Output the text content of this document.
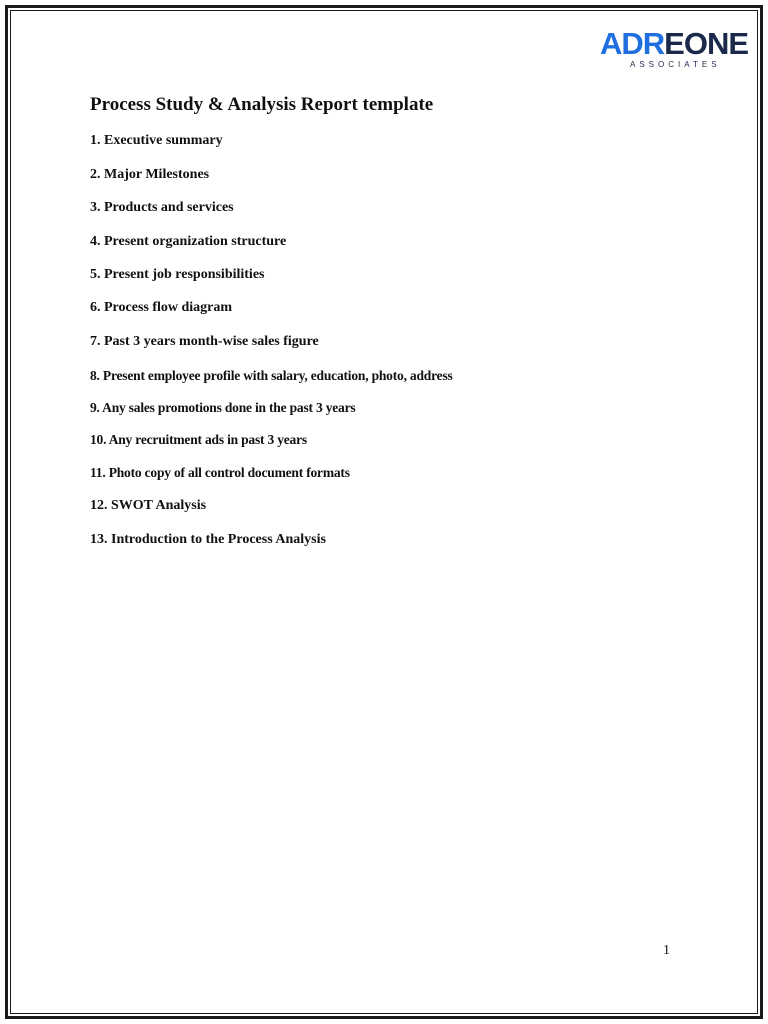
ADREONE
ASSOCIATES
Process Study & Analysis Report template
1. Executive summary
2. Major Milestones
3. Products and services
4. Present organization structure
5. Present job responsibilities
6. Process flow diagram
7. Past 3 years month-wise sales figure
8. Present employee profile with salary, education, photo, address
9. Any sales promotions done in the past 3 years
10. Any recruitment ads in past 3 years
11. Photo copy of all control document formats
12. SWOT Analysis
13. Introduction to the Process Analysis
1
